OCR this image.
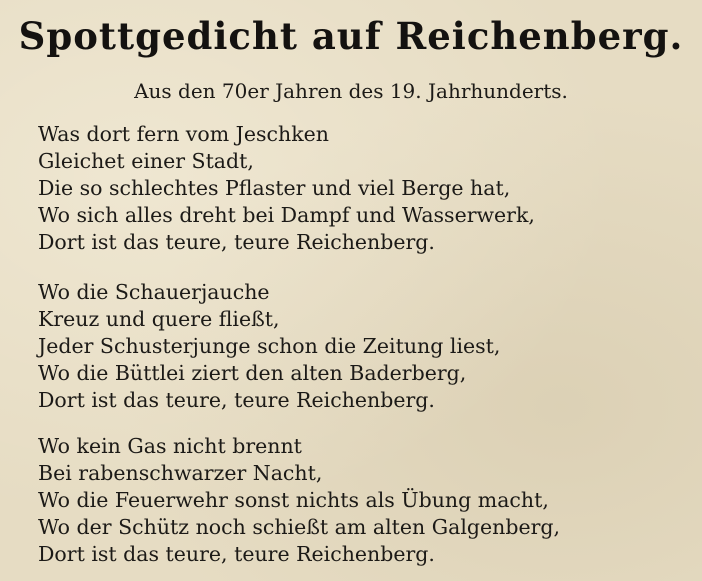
Spottgedicht auf Reichenberg.
Aus den 70er Jahren des 19. Jahrhunderts.
Was dort fern vom Jeschken
Gleichet einer Stadt,
Die so schlechtes Pflaster und viel Berge hat,
Wo sich alles dreht bei Dampf und Wasserwerk,
Dort ist das teure, teure Reichenberg.
Wo die Schauerjauche
Kreuz und quere fließt,
Jeder Schusterjunge schon die Zeitung liest,
Wo die Büttlei ziert den alten Baderberg,
Dort ist das teure, teure Reichenberg.
Wo kein Gas nicht brennt
Bei rabenschwarzer Nacht,
Wo die Feuerwehr sonst nichts als Übung macht,
Wo der Schütz noch schießt am alten Galgenberg,
Dort ist das teure, teure Reichenberg.
